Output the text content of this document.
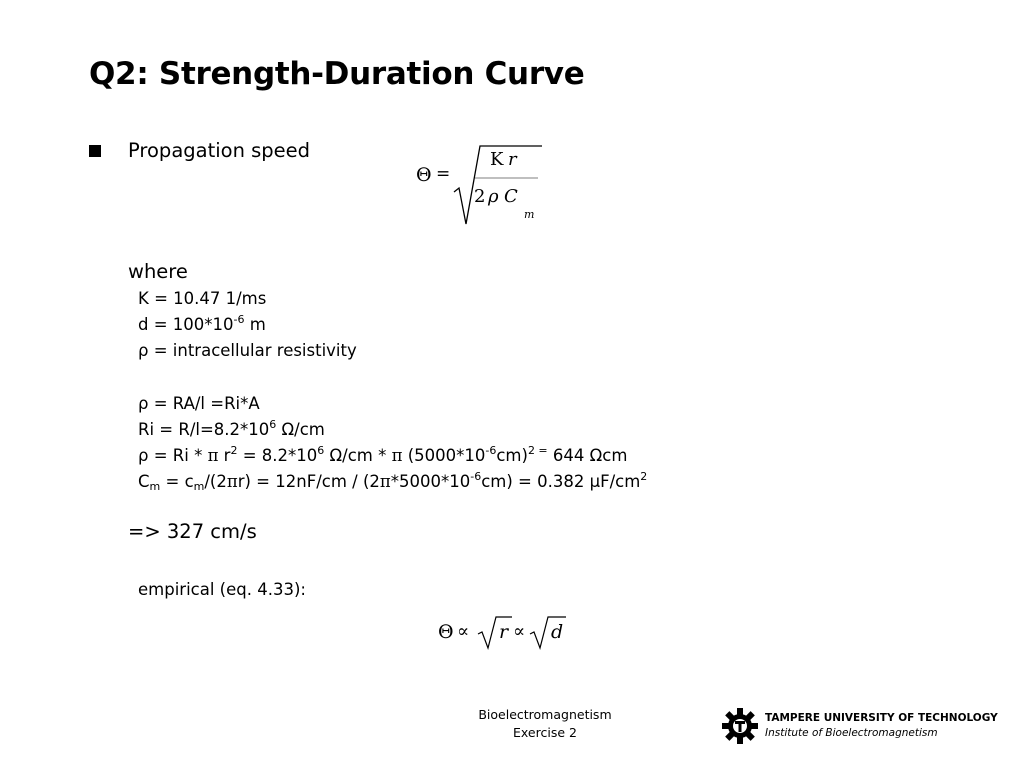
Q2: Strength-Duration Curve
Propagation speed
Θ =
K r
2 ρ C
m
where
K = 10.47 1/ms
$d = 100*10^{-6}$ m
ρ = intracellular resistivity
ρ = RA/l =Ri*A
$Ri = R/l=8.2*10^6$ Ω/cm
ρ = Ri * π $r^2 = 8.2*10^6$ Ω/cm * π $(5000*10^{-6}cm)^{2 =}$ 644 Ωcm
$C_m = c_m/(2\pi r) = 12nF/cm / (2\pi*5000*10^{-6}cm) = 0.382$ $\mu F/cm^2$
=> 327 cm/s
empirical (eq. 4.33):
Θ ∝ r ∝ d
Bioelectromagnetism
Exercise 2
TAMPERE UNIVERSITY OF TECHNOLOGY
Institute of Bioelectromagnetism
